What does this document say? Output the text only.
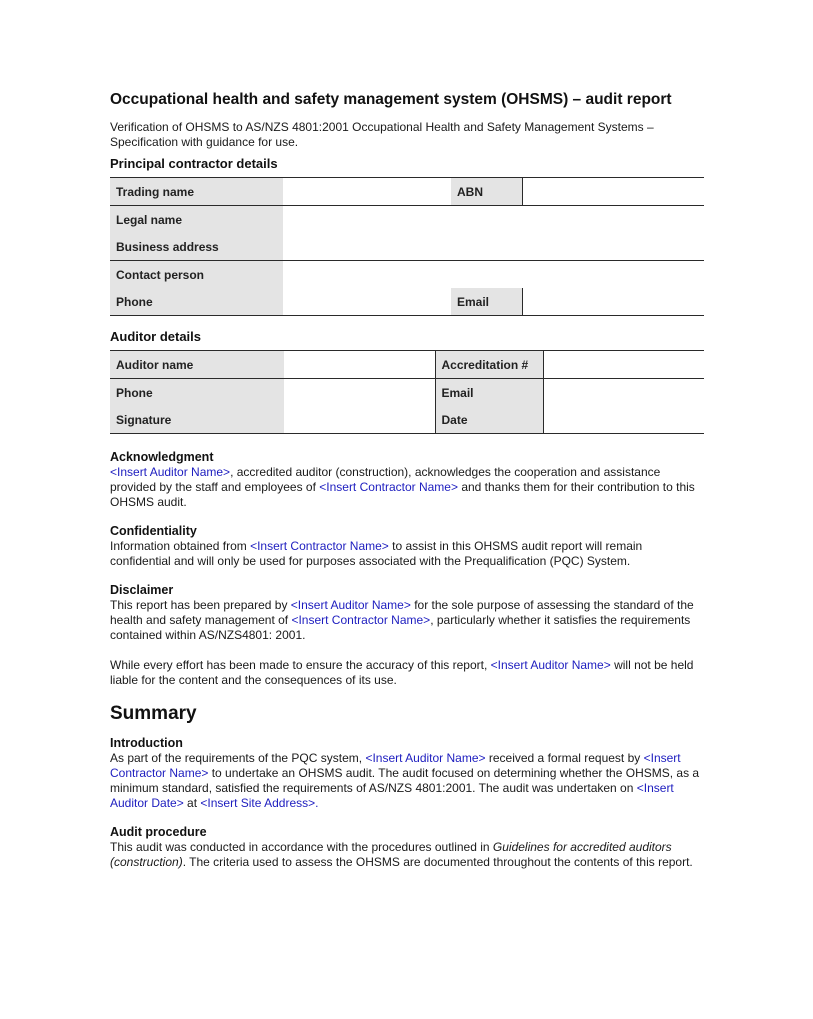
Occupational health and safety management system (OHSMS) – audit report

Verification of OHSMS to AS/NZS 4801:2001 Occupational Health and Safety Management Systems – Specification with guidance for use.

Principal contractor details
Trading name		ABN	
Legal name			
Business address			
Contact person			
Phone		Email	
Auditor details
Auditor name		Accreditation #	
Phone		Email	
Signature		Date	
Acknowledgment

<Insert Auditor Name>, accredited auditor (construction), acknowledges the cooperation and assistance provided by the staff and employees of <Insert Contractor Name> and thanks them for their contribution to this OHSMS audit.

Confidentiality

Information obtained from <Insert Contractor Name> to assist in this OHSMS audit report will remain confidential and will only be used for purposes associated with the Prequalification (PQC) System.

Disclaimer

This report has been prepared by <Insert Auditor Name> for the sole purpose of assessing the standard of the health and safety management of <Insert Contractor Name>, particularly whether it satisfies the requirements contained within AS/NZS4801: 2001.

While every effort has been made to ensure the accuracy of this report, <Insert Auditor Name> will not be held liable for the content and the consequences of its use.

Summary
Introduction

As part of the requirements of the PQC system, <Insert Auditor Name> received a formal request by <Insert Contractor Name> to undertake an OHSMS audit. The audit focused on determining whether the OHSMS, as a minimum standard, satisfied the requirements of AS/NZS 4801:2001. The audit was undertaken on <Insert Auditor Date> at <Insert Site Address>.

Audit procedure

This audit was conducted in accordance with the procedures outlined in Guidelines for accredited auditors (construction). The criteria used to assess the OHSMS are documented throughout the contents of this report.
